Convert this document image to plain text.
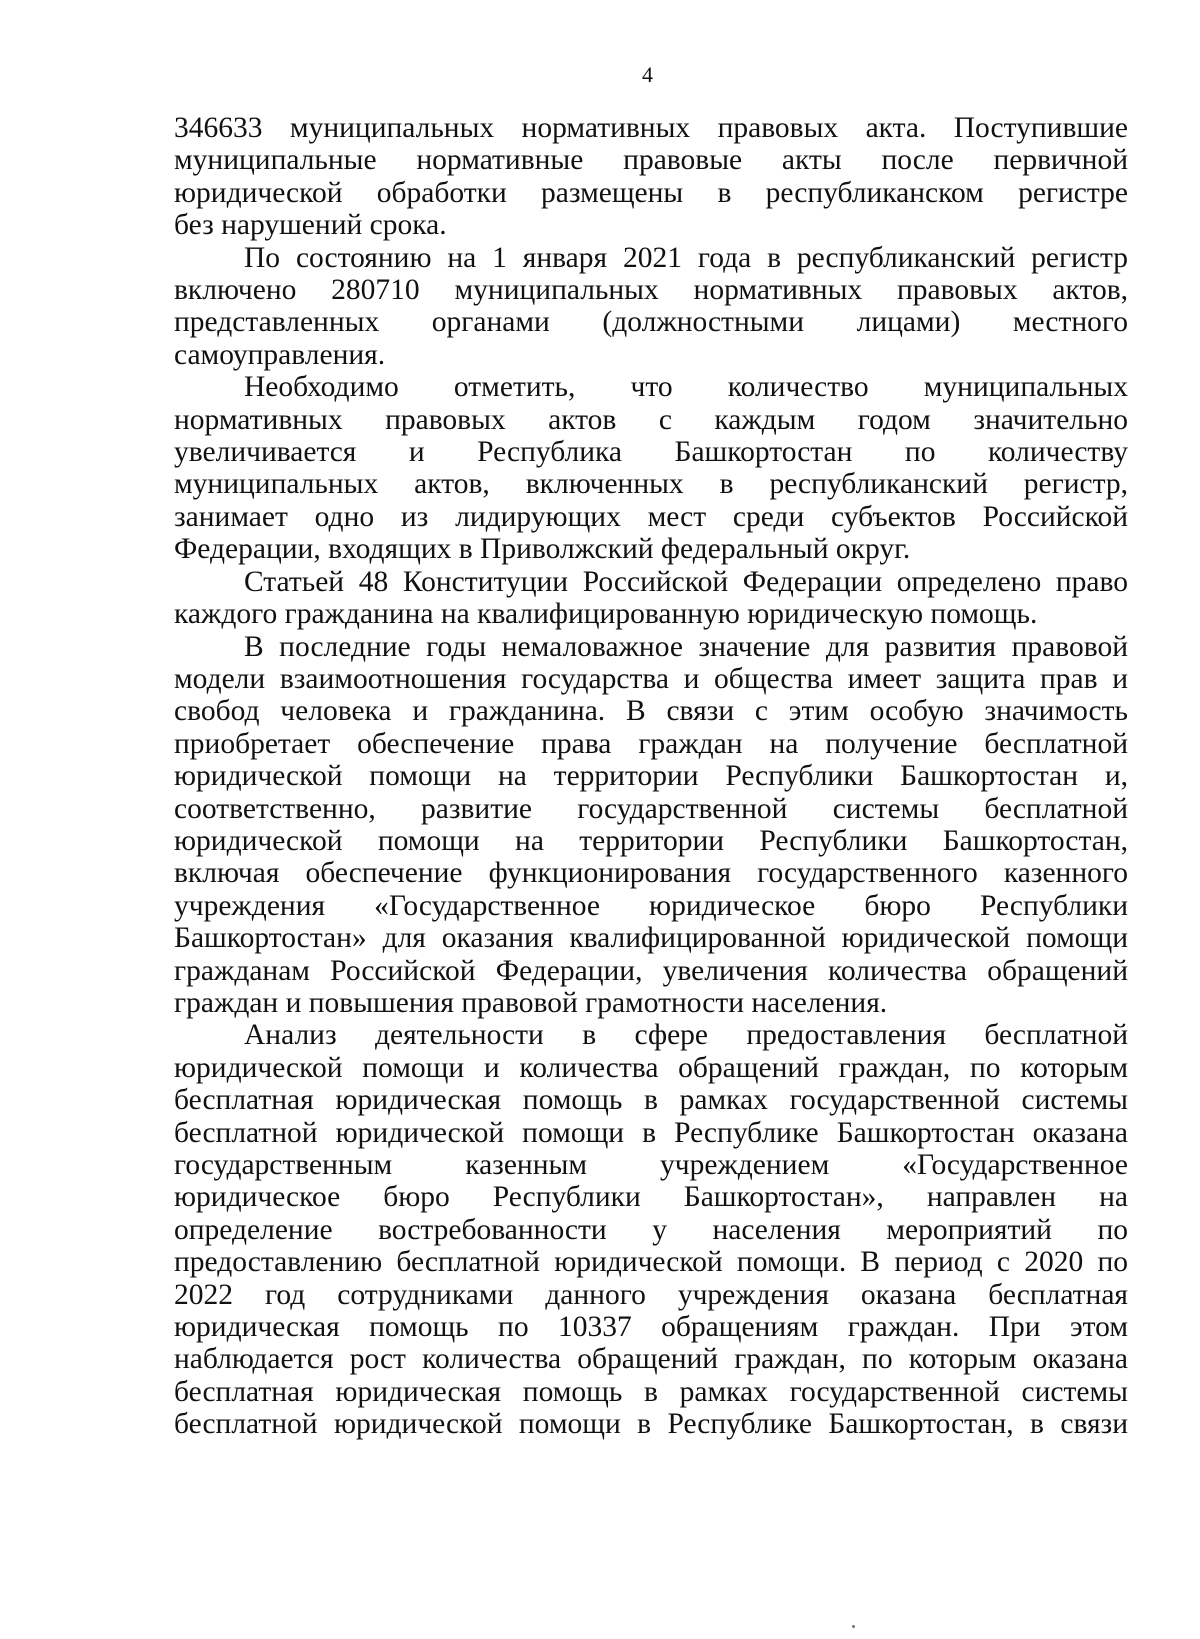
4
346633 муниципальных нормативных правовых акта. Поступившие
муниципальные нормативные правовые акты после первичной
юридической обработки размещены в республиканском регистре
без нарушений срока.
По состоянию на 1 января 2021 года в республиканский регистр
включено 280710 муниципальных нормативных правовых актов,
представленных органами (должностными лицами) местного
самоуправления.
Необходимо отметить, что количество муниципальных
нормативных правовых актов с каждым годом значительно
увеличивается и Республика Башкортостан по количеству
муниципальных актов, включенных в республиканский регистр,
занимает одно из лидирующих мест среди субъектов Российской
Федерации, входящих в Приволжский федеральный округ.
Статьей 48 Конституции Российской Федерации определено право
каждого гражданина на квалифицированную юридическую помощь.
В последние годы немаловажное значение для развития правовой
модели взаимоотношения государства и общества имеет защита прав и
свобод человека и гражданина. В связи с этим особую значимость
приобретает обеспечение права граждан на получение бесплатной
юридической помощи на территории Республики Башкортостан и,
соответственно, развитие государственной системы бесплатной
юридической помощи на территории Республики Башкортостан,
включая обеспечение функционирования государственного казенного
учреждения «Государственное юридическое бюро Республики
Башкортостан» для оказания квалифицированной юридической помощи
гражданам Российской Федерации, увеличения количества обращений
граждан и повышения правовой грамотности населения.
Анализ деятельности в сфере предоставления бесплатной
юридической помощи и количества обращений граждан, по которым
бесплатная юридическая помощь в рамках государственной системы
бесплатной юридической помощи в Республике Башкортостан оказана
государственным казенным учреждением «Государственное
юридическое бюро Республики Башкортостан», направлен на
определение востребованности у населения мероприятий по
предоставлению бесплатной юридической помощи. В период с 2020 по
2022 год сотрудниками данного учреждения оказана бесплатная
юридическая помощь по 10337 обращениям граждан. При этом
наблюдается рост количества обращений граждан, по которым оказана
бесплатная юридическая помощь в рамках государственной системы
бесплатной юридической помощи в Республике Башкортостан, в связи
